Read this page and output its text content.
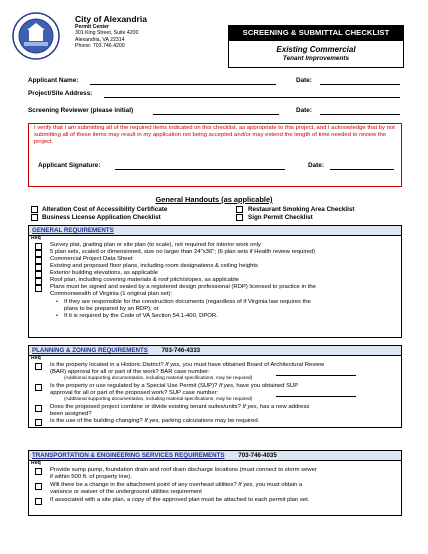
City of Alexandria
Permit Center
301 King Street, Suite 4200
Alexandria, VA 22314
Phone: 703.746.4200
SCREENING & SUBMITTAL CHECKLIST
Existing Commercial
Tenant Improvements
Applicant Name:	Date:
Project/Site Address:
Screening Reviewer (please initial)	Date:
I verify that I am submitting all of the required items indicated on this checklist, as appropriate to this project, and I acknowledge that by not submitting all of these items may result in my application not being accepted and/or may extend the length of time needed to review the project.
Applicant Signature:	Date:
General Handouts (as applicable)
Alteration Cost of Accessibility Certificate
Business License Application Checklist
Restaurant Smoking Area Checklist
Sign Permit Checklist
GENERAL REQUIREMENTS
Req
Survey plat, grading plan or site plan (to scale), not required for interior work only
5 plan sets, scaled or dimensioned, size no larger than 24"x36"; (6 plan sets if Health review required)
Commercial Project Data Sheet
Existing and proposed floor plans, including room designations & ceiling heights
Exterior building elevations, as applicable
Roof plan, including covering materials & roof pitch/slopes, as applicable
Plans must be signed and sealed by a registered design professional (RDP) licensed to practice in the
Commonwealth of Virginia (1 original plan set):
• If they are responsible for the construction documents (regardless of if Virginia law requires the
plans to be prepared by an RDP); or
• If it is required by the Code of VA Section 54.1-400, DPOR.
PLANNING & ZONING REQUIREMENTS 703-746-4333
Req
Is the property located in a Historic District? If yes, you must have obtained Board of Architectural Review
(BAR) approval for all or part of the work? BAR case number:
(Additional supporting documentation, including material specifications, may be required)
Is the property or use regulated by a Special Use Permit (SUP)? If yes, have you obtained SUP
approval for all or part of the proposed work? SUP case number:
(Additional supporting documentation, including material specifications, may be required)
Does the proposed project combine or divide existing tenant suites/units? If yes, has a new address
been assigned?
Is the use of the building changing? If yes, parking calculations may be required.
TRANSPORTATION & ENGINEERING SERVICES REQUIREMENTS 703-746-4035
Req
Provide sump pump, foundation drain and roof drain discharge locations (must connect to storm sewer
if within 500 ft. of property line).
Will there be a change in the attachment point of any overhead utilities? If yes, you must obtain a
variance or waiver of the underground utilities requirement
If associated with a site plan, a copy of the approved plan must be attached to each permit plan set.
